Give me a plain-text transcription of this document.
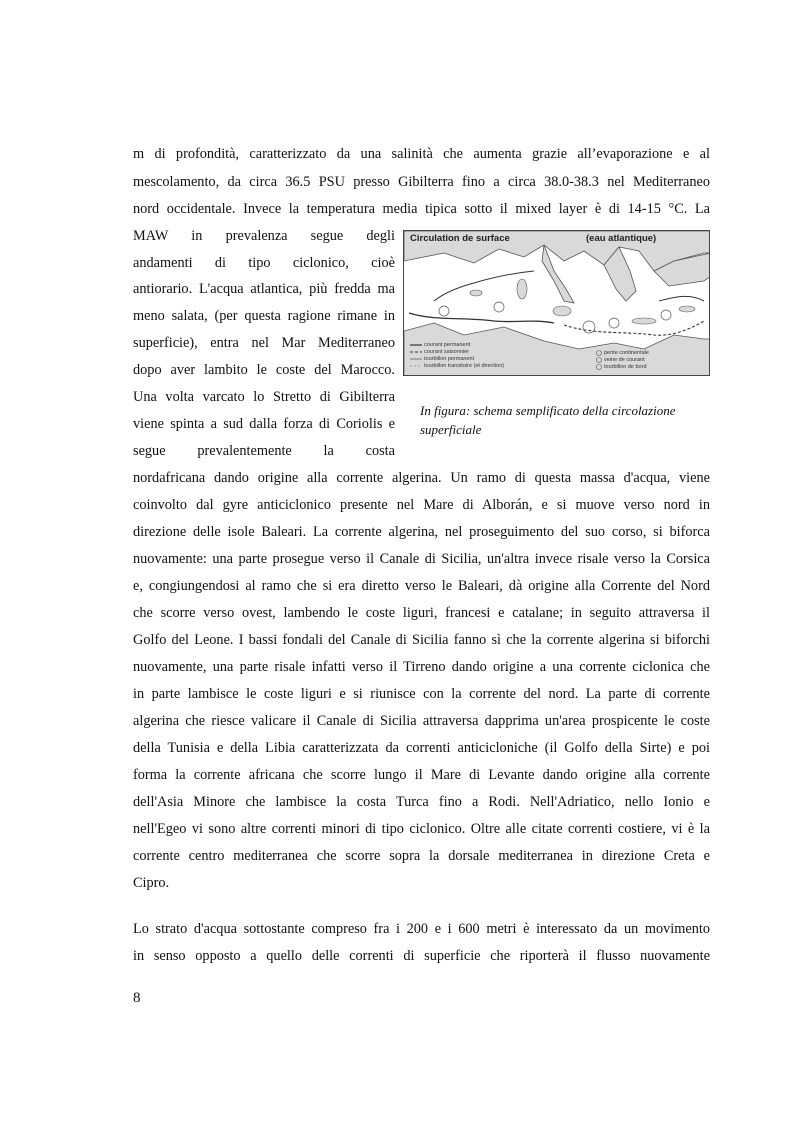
m di profondità, caratterizzato da una salinità che aumenta grazie all’evaporazione e al
mescolamento, da circa 36.5 PSU presso Gibilterra fino a circa 38.0-38.3 nel Mediterraneo
nord occidentale. Invece la temperatura media tipica sotto il mixed layer è di 14-15 °C. La
MAW in prevalenza segue degli
andamenti di tipo ciclonico, cioè
antiorario. L'acqua atlantica, più fredda ma
meno salata, (per questa ragione rimane in
superficie), entra nel Mar Mediterraneo
dopo aver lambito le coste del Marocco.
Una volta varcato lo Stretto di Gibilterra
viene spinta a sud dalla forza di Coriolis e
segue prevalentemente la costa
Circulation de surface	(eau atlantique)
courant permanent
courant saisonnier
tourbillon permanent
tourbillon transitoire (et direction)
pente continentale
veine de courant
tourbillon de bord
In figura: schema semplificato della circolazione superficiale
nordafricana dando origine alla corrente algerina. Un ramo di questa massa d'acqua, viene
coinvolto dal gyre anticiclonico presente nel Mare di Alborán, e si muove verso nord in
direzione delle isole Baleari. La corrente algerina, nel proseguimento del suo corso, si biforca
nuovamente: una parte prosegue verso il Canale di Sicilia, un'altra invece risale verso la Corsica
e, congiungendosi al ramo che si era diretto verso le Baleari, dà origine alla Corrente del Nord
che scorre verso ovest, lambendo le coste liguri, francesi e catalane; in seguito attraversa il
Golfo del Leone. I bassi fondali del Canale di Sicilia fanno sì che la corrente algerina si biforchi
nuovamente, una parte risale infatti verso il Tirreno dando origine a una corrente ciclonica che
in parte lambisce le coste liguri e si riunisce con la corrente del nord. La parte di corrente
algerina che riesce valicare il Canale di Sicilia attraversa dapprima un'area prospicente le coste
della Tunisia e della Libia caratterizzata da correnti anticicloniche (il Golfo della Sirte) e poi
forma la corrente africana che scorre lungo il Mare di Levante dando origine alla corrente
dell'Asia Minore che lambisce la costa Turca fino a Rodi. Nell'Adriatico, nello Ionio e
nell'Egeo vi sono altre correnti minori di tipo ciclonico. Oltre alle citate correnti costiere, vi è la
corrente centro mediterranea che scorre sopra la dorsale mediterranea in direzione Creta e
Cipro.
Lo strato d'acqua sottostante compreso fra i 200 e i 600 metri è interessato da un movimento
in senso opposto a quello delle correnti di superficie che riporterà il flusso nuovamente
8
